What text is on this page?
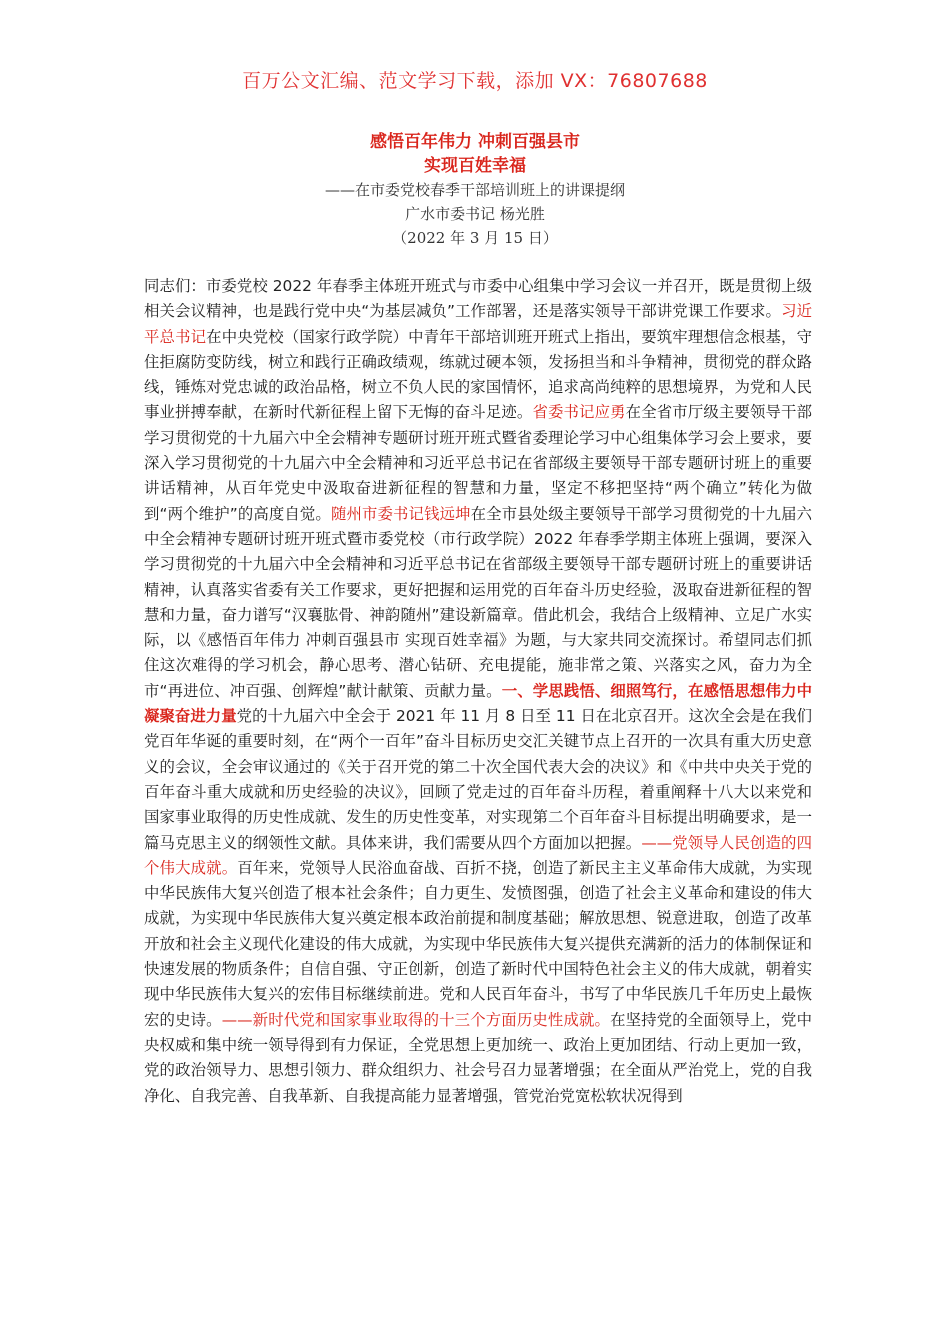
百万公文汇编、范文学习下载，添加 VX：76807688
感悟百年伟力 冲刺百强县市
实现百姓幸福
——在市委党校春季干部培训班上的讲课提纲
广水市委书记 杨光胜
（2022 年 3 月 15 日）
同志们：市委党校 2022 年春季主体班开班式与市委中心组集中学习会议一并召开，既是贯彻上级相关会议精神，也是践行党中央“为基层减负”工作部署，还是落实领导干部讲党课工作要求。习近平总书记在中央党校（国家行政学院）中青年干部培训班开班式上指出，要筑牢理想信念根基，守住拒腐防变防线，树立和践行正确政绩观，练就过硬本领，发扬担当和斗争精神，贯彻党的群众路线，锤炼对党忠诚的政治品格，树立不负人民的家国情怀，追求高尚纯粹的思想境界，为党和人民事业拼搏奉献，在新时代新征程上留下无悔的奋斗足迹。省委书记应勇在全省市厅级主要领导干部学习贯彻党的十九届六中全会精神专题研讨班开班式暨省委理论学习中心组集体学习会上要求，要深入学习贯彻党的十九届六中全会精神和习近平总书记在省部级主要领导干部专题研讨班上的重要讲话精神，从百年党史中汲取奋进新征程的智慧和力量，坚定不移把坚持“两个确立”转化为做到“两个维护”的高度自觉。随州市委书记钱远坤在全市县处级主要领导干部学习贯彻党的十九届六中全会精神专题研讨班开班式暨市委党校（市行政学院）2022 年春季学期主体班上强调，要深入学习贯彻党的十九届六中全会精神和习近平总书记在省部级主要领导干部专题研讨班上的重要讲话精神，认真落实省委有关工作要求，更好把握和运用党的百年奋斗历史经验，汲取奋进新征程的智慧和力量，奋力谱写“汉襄肱骨、神韵随州”建设新篇章。借此机会，我结合上级精神、立足广水实际，以《感悟百年伟力 冲刺百强县市 实现百姓幸福》为题，与大家共同交流探讨。希望同志们抓住这次难得的学习机会，静心思考、潜心钻研、充电提能，施非常之策、兴落实之风，奋力为全市“再进位、冲百强、创辉煌”献计献策、贡献力量。一、学思践悟、细照笃行，在感悟思想伟力中凝聚奋进力量党的十九届六中全会于 2021 年 11 月 8 日至 11 日在北京召开。这次全会是在我们党百年华诞的重要时刻，在“两个一百年”奋斗目标历史交汇关键节点上召开的一次具有重大历史意义的会议，全会审议通过的《关于召开党的第二十次全国代表大会的决议》和《中共中央关于党的百年奋斗重大成就和历史经验的决议》，回顾了党走过的百年奋斗历程，着重阐释十八大以来党和国家事业取得的历史性成就、发生的历史性变革，对实现第二个百年奋斗目标提出明确要求，是一篇马克思主义的纲领性文献。具体来讲，我们需要从四个方面加以把握。——党领导人民创造的四个伟大成就。百年来，党领导人民浴血奋战、百折不挠，创造了新民主主义革命伟大成就，为实现中华民族伟大复兴创造了根本社会条件；自力更生、发愤图强，创造了社会主义革命和建设的伟大成就，为实现中华民族伟大复兴奠定根本政治前提和制度基础；解放思想、锐意进取，创造了改革开放和社会主义现代化建设的伟大成就，为实现中华民族伟大复兴提供充满新的活力的体制保证和快速发展的物质条件；自信自强、守正创新，创造了新时代中国特色社会主义的伟大成就，朝着实现中华民族伟大复兴的宏伟目标继续前进。党和人民百年奋斗，书写了中华民族几千年历史上最恢宏的史诗。——新时代党和国家事业取得的十三个方面历史性成就。在坚持党的全面领导上，党中央权威和集中统一领导得到有力保证，全党思想上更加统一、政治上更加团结、行动上更加一致，党的政治领导力、思想引领力、群众组织力、社会号召力显著增强；在全面从严治党上，党的自我净化、自我完善、自我革新、自我提高能力显著增强，管党治党宽松软状况得到
